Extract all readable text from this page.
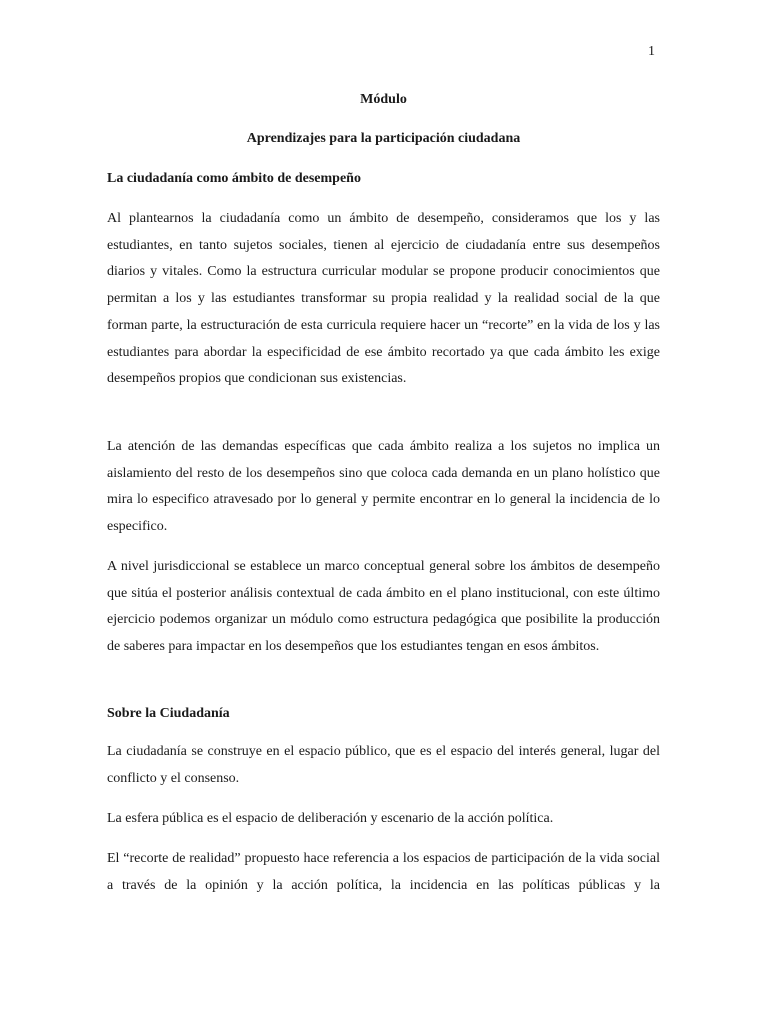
1
Módulo
Aprendizajes para la participación ciudadana
La ciudadanía como ámbito de desempeño

Al plantearnos la ciudadanía como un ámbito de desempeño, consideramos que los y las estudiantes, en tanto sujetos sociales, tienen al ejercicio de ciudadanía entre sus desempeños diarios y vitales. Como la estructura curricular modular se propone producir conocimientos que permitan a los y las estudiantes transformar su propia realidad y la realidad social de la que forman parte, la estructuración de esta curricula requiere hacer un “recorte” en la vida de los y las estudiantes para abordar la especificidad de ese ámbito recortado ya que cada ámbito les exige desempeños propios que condicionan sus existencias.

La atención de las demandas específicas que cada ámbito realiza a los sujetos no implica un aislamiento del resto de los desempeños sino que coloca cada demanda en un plano holístico que mira lo especifico atravesado por lo general y permite encontrar en lo general la incidencia de lo especifico.

A nivel jurisdiccional se establece un marco conceptual general sobre los ámbitos de desempeño que sitúa el posterior análisis contextual de cada ámbito en el plano institucional, con este último ejercicio podemos organizar un módulo como estructura pedagógica que posibilite la producción de saberes para impactar en los desempeños que los estudiantes tengan en esos ámbitos.

Sobre la Ciudadanía

La ciudadanía se construye en el espacio público, que es el espacio del interés general, lugar del conflicto y el consenso.

La esfera pública es el espacio de deliberación y escenario de la acción política.

El “recorte de realidad” propuesto hace referencia a los espacios de participación de la vida social a través de la opinión y la acción política, la incidencia en las políticas públicas y la
